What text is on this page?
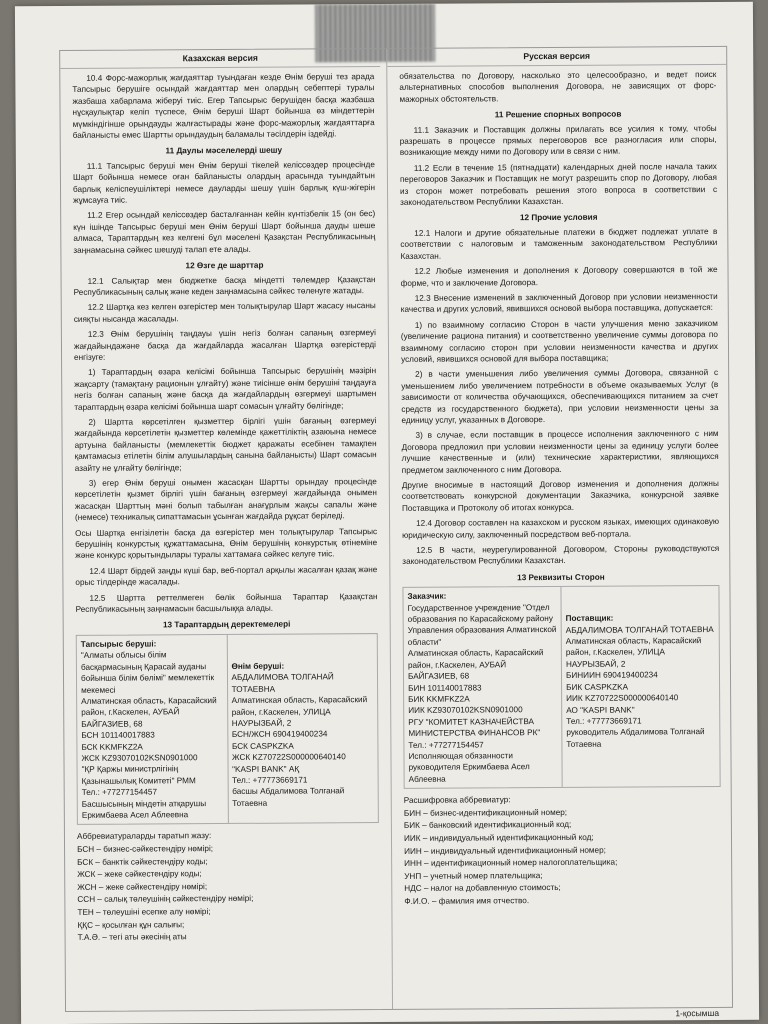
Казахская версия

10.4 Форс-мажорлық жағдаяттар туындаған кезде Өнім беруші тез арада Тапсырыс берушіге осындай жағдаяттар мен олардың себептері туралы жазбаша хабарлама жіберуі тиіс. Егер Тапсырыс берушіден басқа жазбаша нұсқаулықтар келіп түспесе, Өнім беруші Шарт бойынша өз міндеттерін мүмкіндігінше орындауды жалғастырады және форс-мажорлық жағдаяттарға байланысты емес Шартты орындаудың баламалы тәсілдерін іздейді.

11 Даулы мәселелерді шешу

11.1 Тапсырыс беруші мен Өнім беруші тікелей келіссөздер процесінде Шарт бойынша немесе оған байланысты олардың арасында туындайтын барлық келіспеушіліктері немесе дауларды шешу үшін барлық күш-жігерін жұмсауға тиіс.

11.2 Егер осындай келіссөздер басталғаннан кейін күнтізбелік 15 (он бес) күн ішінде Тапсырыс беруші мен Өнім беруші Шарт бойынша дауды шеше алмаса, Тараптардың кез келгені бұл мәселені Қазақстан Республикасының заңнамасына сәйкес шешуді талап ете алады.

12 Өзге де шарттар

12.1 Салықтар мен бюджетке басқа міндетті төлемдер Қазақстан Республикасының салық және кеден заңнамасына сәйкес төленуге жатады.

12.2 Шартқа кез келген өзгерістер мен толықтырулар Шарт жасасу нысаны сияқты нысанда жасалады.

12.3 Өнім берушінің таңдауы үшін негіз болған сапаның өзгермеуі жағдайындажәне басқа да жағдайларда жасалған Шартқа өзгерістерді енгізуге:

1) Тараптардың өзара келісімі бойынша Тапсырыс берушінің мәзірін жақсарту (тамақтану рационын ұлғайту) және тиісінше өнім берушіні таңдауға негіз болған сапаның және басқа да жағдайлардың өзгермеуі шартымен тараптардың өзара келісімі бойынша шарт сомасын ұлғайту бөлігінде;

2) Шартта көрсетілген қызметтер бірлігі үшін бағаның өзгермеуі жағдайында көрсетілетін қызметтер көлемінде қажеттіліктің азаюына немесе артуына байланысты (мемлекеттік бюджет қаражаты есебінен тамақпен қамтамасыз етілетін білім алушылардың санына байланысты) Шарт сомасын азайту не ұлғайту бөлігінде;

3) егер Өнім беруші онымен жасасқан Шартты орындау процесінде көрсетілетін қызмет бірлігі үшін бағаның өзгермеуі жағдайында онымен жасасқан Шарттың мәні болып табылған анағұрлым жақсы сапалы және (немесе) техникалық сипаттамасын ұсынған жағдайда рұқсат беріледі.

Осы Шартқа енгізілетін басқа да өзгерістер мен толықтырулар Тапсырыс берушінің конкурстық құжаттамасына, Өнім берушінің конкурстық өтінеміне және конкурс қорытындылары туралы хаттамаға сәйкес келуге тиіс.

12.4 Шарт бірдей заңды күші бар, веб-портал арқылы жасалған қазақ және орыс тілдерінде жасалады.

12.5 Шартта реттелмеген бөлік бойынша Тараптар Қазақстан Республикасының заңнамасын басшылыққа алады.

13 Тараптардың деректемелері
Тапсырыс беруші:
"Алматы облысы білім басқармасының Қарасай ауданы бойынша білім бөлімі" мемлекеттік мекемесі
Алматинская область, Карасайский район, г.Каскелен, АУБАЙ БАЙГАЗИЕВ, 68
БСН 101140017883
БСК KKMFKZ2A
ЖСК KZ93070102KSN0901000
"ҚР Қаржы министрлігінің Қазынашылық Комитеті" РММ
Тел.: +77277154457
Басшысының міндетін атқарушы Еркимбаева Асел Аблеевна
Өнім беруші:
АБДАЛИМОВА ТОЛГАНАЙ ТОТАЕВНА
Алматинская область, Карасайский район, г.Каскелен, УЛИЦА НАУРЫЗБАЙ, 2
БСН/ЖСН 690419400234
БСК CASPKZKA
ЖСК KZ70722S000000640140
"KASPI BANK" АҚ
Тел.: +77773669171
басшы Абдалимова Толганай Тотаевна
Аббревиатураларды таратып жазу:
БСН – бизнес-сәйкестендіру нөмірі;
БСК – банктік сәйкестендіру коды;
ЖСК – жеке сәйкестендіру коды;
ЖСН – жеке сәйкестендіру нөмірі;
ССН – салық төлеушінің сәйкестендіру нөмірі;
ТЕН – төлеушіні есепке алу нөмірі;
ҚҚС – қосылған құн салығы;
Т.А.Ә. – тегі аты әкесінің аты
Русская версия

обязательства по Договору, насколько это целесообразно, и ведет поиск альтернативных способов выполнения Договора, не зависящих от форс-мажорных обстоятельств.

11 Решение спорных вопросов

11.1 Заказчик и Поставщик должны прилагать все усилия к тому, чтобы разрешать в процессе прямых переговоров все разногласия или споры, возникающие между ними по Договору или в связи с ним.

11.2 Если в течение 15 (пятнадцати) календарных дней после начала таких переговоров Заказчик и Поставщик не могут разрешить спор по Договору, любая из сторон может потребовать решения этого вопроса в соответствии с законодательством Республики Казахстан.

12 Прочие условия

12.1 Налоги и другие обязательные платежи в бюджет подлежат уплате в соответствии с налоговым и таможенным законодательством Республики Казахстан.

12.2 Любые изменения и дополнения к Договору совершаются в той же форме, что и заключение Договора.

12.3 Внесение изменений в заключенный Договор при условии неизменности качества и других условий, явившихся основой выбора поставщика, допускается:

1) по взаимному согласию Сторон в части улучшения меню заказчиком (увеличение рациона питания) и соответственно увеличение суммы договора по взаимному согласию сторон при условии неизменности качества и других условий, явившихся основой для выбора поставщика;

2) в части уменьшения либо увеличения суммы Договора, связанной с уменьшением либо увеличением потребности в объеме оказываемых Услуг (в зависимости от количества обучающихся, обеспечивающихся питанием за счет средств из государственного бюджета), при условии неизменности цены за единицу услуг, указанных в Договоре.

3) в случае, если поставщик в процессе исполнения заключенного с ним Договора предложил при условии неизменности цены за единицу услуги более лучшие качественные и (или) технические характеристики, являющихся предметом заключенного с ним Договора.

Другие вносимые в настоящий Договор изменения и дополнения должны соответствовать конкурсной документации Заказчика, конкурсной заявке Поставщика и Протоколу об итогах конкурса.

12.4 Договор составлен на казахском и русском языках, имеющих одинаковую юридическую силу, заключенный посредством веб-портала.

12.5 В части, неурегулированной Договором, Стороны руководствуются законодательством Республики Казахстан.

13 Реквизиты Сторон
Заказчик:
Государственное учреждение "Отдел образования по Карасайскому району Управления образования Алматинской области"
Алматинская область, Карасайский район, г.Каскелен, АУБАЙ БАЙГАЗИЕВ, 68
БИН 101140017883
БИК KKMFKZ2A
ИИК KZ93070102KSN0901000
РГУ "КОМИТЕТ КАЗНАЧЕЙСТВА МИНИСТЕРСТВА ФИНАНСОВ РК"
Тел.: +77277154457
Исполняющая обязанности руководителя Еркимбаева Асел Аблеевна
Поставщик:
АБДАЛИМОВА ТОЛГАНАЙ ТОТАЕВНА
Алматинская область, Карасайский район, г.Каскелен, УЛИЦА НАУРЫЗБАЙ, 2
БИНИИН 690419400234
БИК CASPKZKA
ИИК KZ70722S000000640140
АО "KASPI BANK"
Тел.: +77773669171
руководитель Абдалимова Толганай Тотаевна
Расшифровка аббревиатур:
БИН – бизнес-идентификационный номер;
БИК – банковский идентификационный код;
ИИК – индивидуальный идентификационный код;
ИИН – индивидуальный идентификационный номер;
ИНН – идентификационный номер налогоплательщика;
УНП – учетный номер плательщика;
НДС – налог на добавленную стоимость;
Ф.И.О. – фамилия имя отчество.
1-қосымша
